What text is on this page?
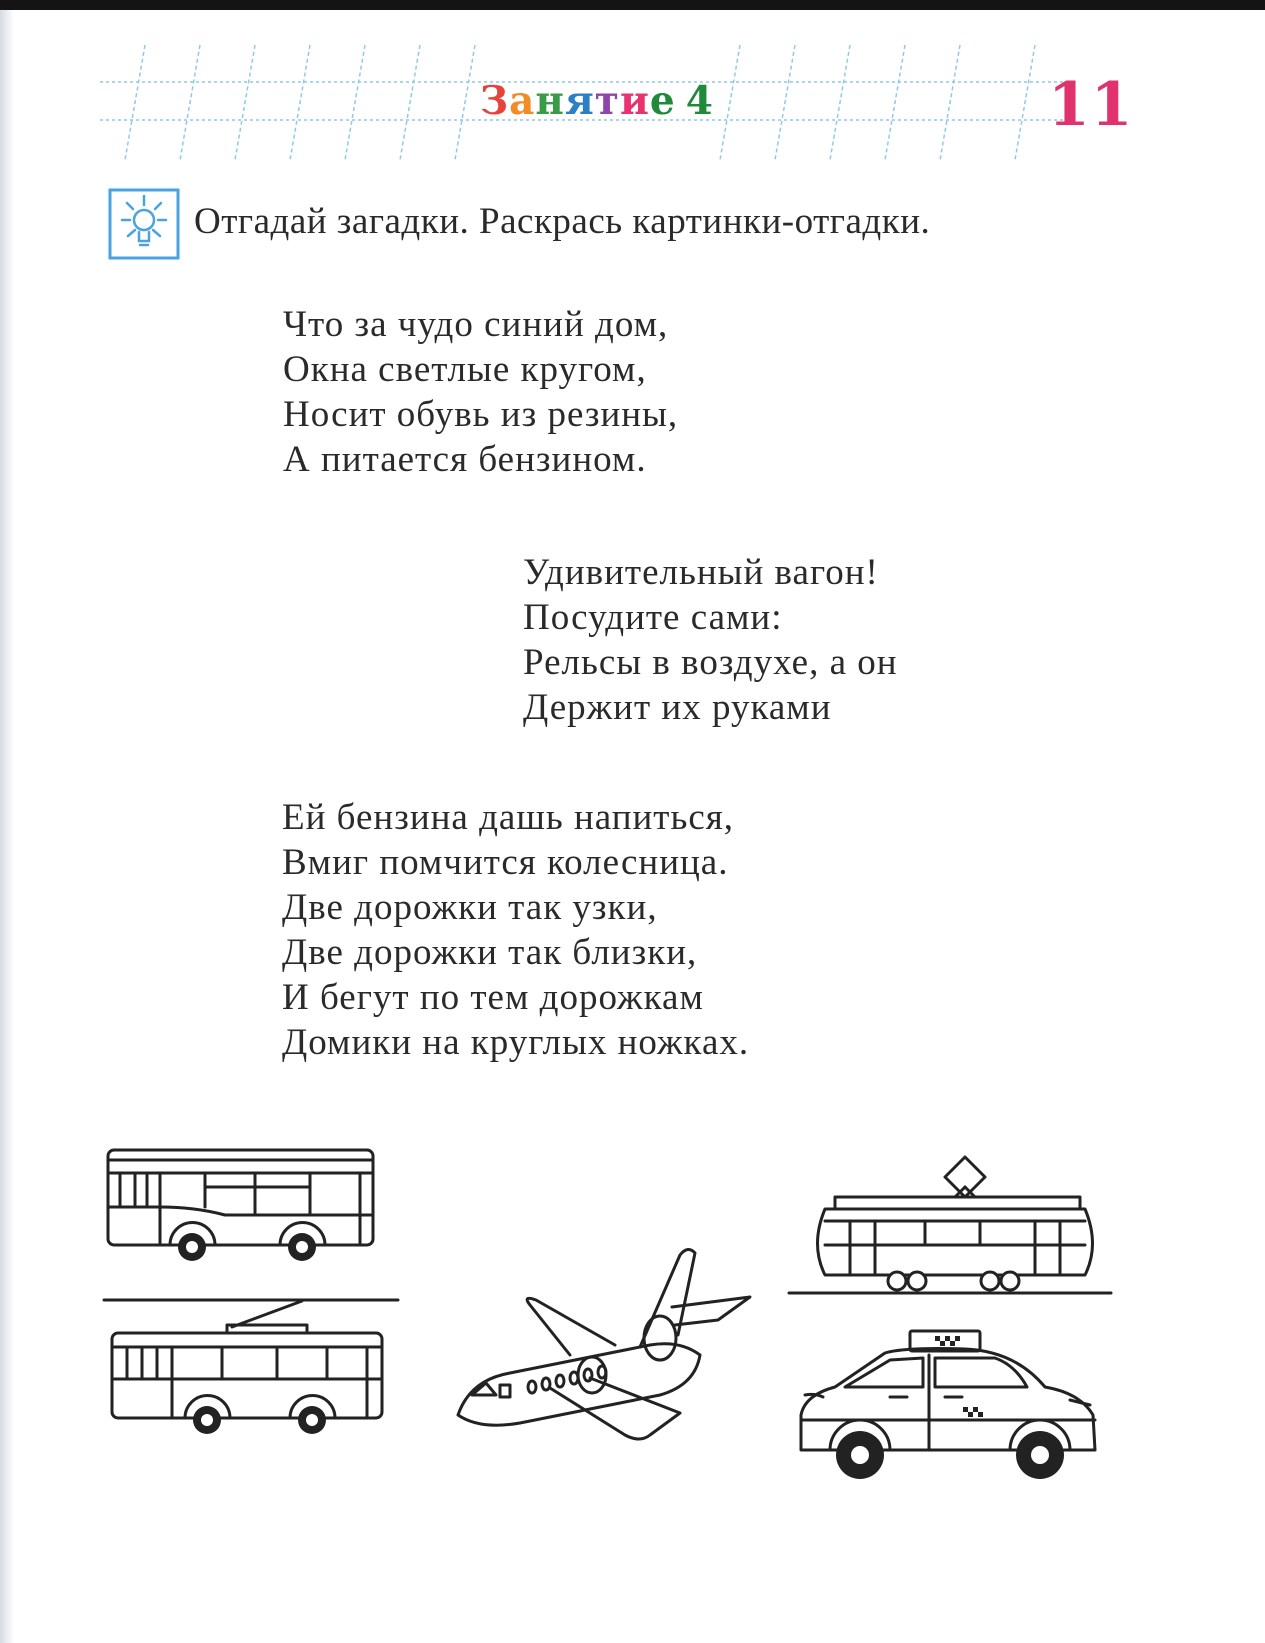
Занятие 4	11
Отгадай загадки. Раскрась картинки-отгадки.
Что за чудо синий дом,
Окна светлые кругом,
Носит обувь из резины,
А питается бензином.
Удивительный вагон!
Посудите сами:
Рельсы в воздухе, а он
Держит их руками
Ей бензина дашь напиться,
Вмиг помчится колесница.
Две дорожки так узки,
Две дорожки так близки,
И бегут по тем дорожкам
Домики на круглых ножках.
